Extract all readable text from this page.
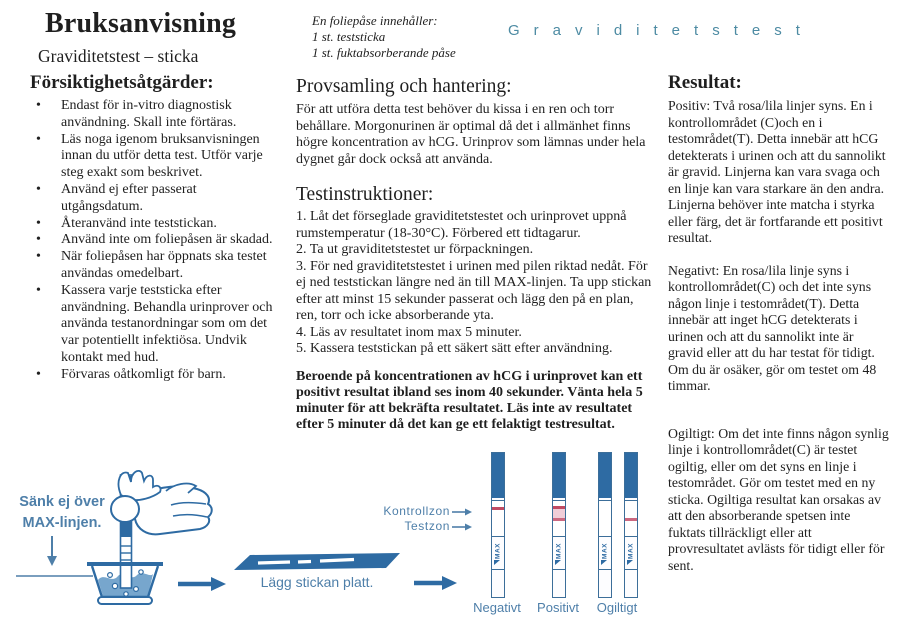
Bruksanvisning
Graviditetstest – sticka
En foliepåse innehåller:
1 st. teststicka
1 st. fuktabsorberande påse
Graviditetstest
Försiktighetsåtgärder:
• Endast för in-vitro diagnostisk användning. Skall inte förtäras.
• Läs noga igenom bruksanvisningen innan du utför detta test. Utför varje steg exakt som beskrivet.
• Använd ej efter passerat utgångsdatum.
• Återanvänd inte teststickan.
• Använd inte om foliepåsen är skadad.
• När foliepåsen har öppnats ska testet användas omedelbart.
• Kassera varje teststicka efter användning. Behandla urinprover och använda testanordningar som om det var potentiellt infektiösa. Undvik kontakt med hud.
• Förvaras oåtkomligt för barn.
Provsamling och hantering:

För att utföra detta test behöver du kissa i en ren och torr behållare. Morgonurinen är optimal då det i allmänhet finns högre koncentration av hCG. Urinprov som lämnas under hela dygnet går dock också att använda.

Testinstruktioner:

1. Låt det förseglade graviditetstestet och urinprovet uppnå rumstemperatur (18-30°C). Förbered ett tidtagarur.

2. Ta ut graviditetstestet ur förpackningen.

3. För ned graviditetstestet i urinen med pilen riktad nedåt. För ej ned teststickan längre ned än till MAX-linjen. Ta upp stickan efter att minst 15 sekunder passerat och lägg den på en plan, ren, torr och icke absorberande yta.

4. Läs av resultatet inom max 5 minuter.

5. Kassera teststickan på ett säkert sätt efter användning.

Beroende på koncentrationen av hCG i urinprovet kan ett positivt resultat ibland ses inom 40 sekunder. Vänta hela 5 minuter för att bekräfta resultatet. Läs inte av resultatet efter 5 minuter då det kan ge ett felaktigt testresultat.

Resultat:

Positiv: Två rosa/lila linjer syns. En i kontrollområdet (C)och en i testområdet(T). Detta innebär att hCG detekterats i urinen och att du sannolikt är gravid. Linjerna kan vara svaga och en linje kan vara starkare än den andra. Linjerna behöver inte matcha i styrka eller färg, det är fortfarande ett positivt resultat.

Negativt: En rosa/lila linje syns i kontrollområdet(C) och det inte syns någon linje i testområdet(T). Detta innebär att inget hCG detekterats i urinen och att du sannolikt inte är gravid eller att du har testat för tidigt. Om du är osäker, gör om testet om 48 timmar.

Ogiltigt: Om det inte finns någon synlig linje i kontrollområdet(C) är testet ogiltig, eller om det syns en linje i testområdet. Gör om testet med en ny sticka. Ogiltiga resultat kan orsakas av att den absorberande spetsen inte fuktats tillräckligt eller att provresultatet avlästs för tidigt eller för sent.

Sänk ej över
MAX-linjen.
Lägg stickan platt.
Kontrollzon
Testzon
MAX	MAX	MAX	MAX
Negativt	Positivt	Ogiltigt
